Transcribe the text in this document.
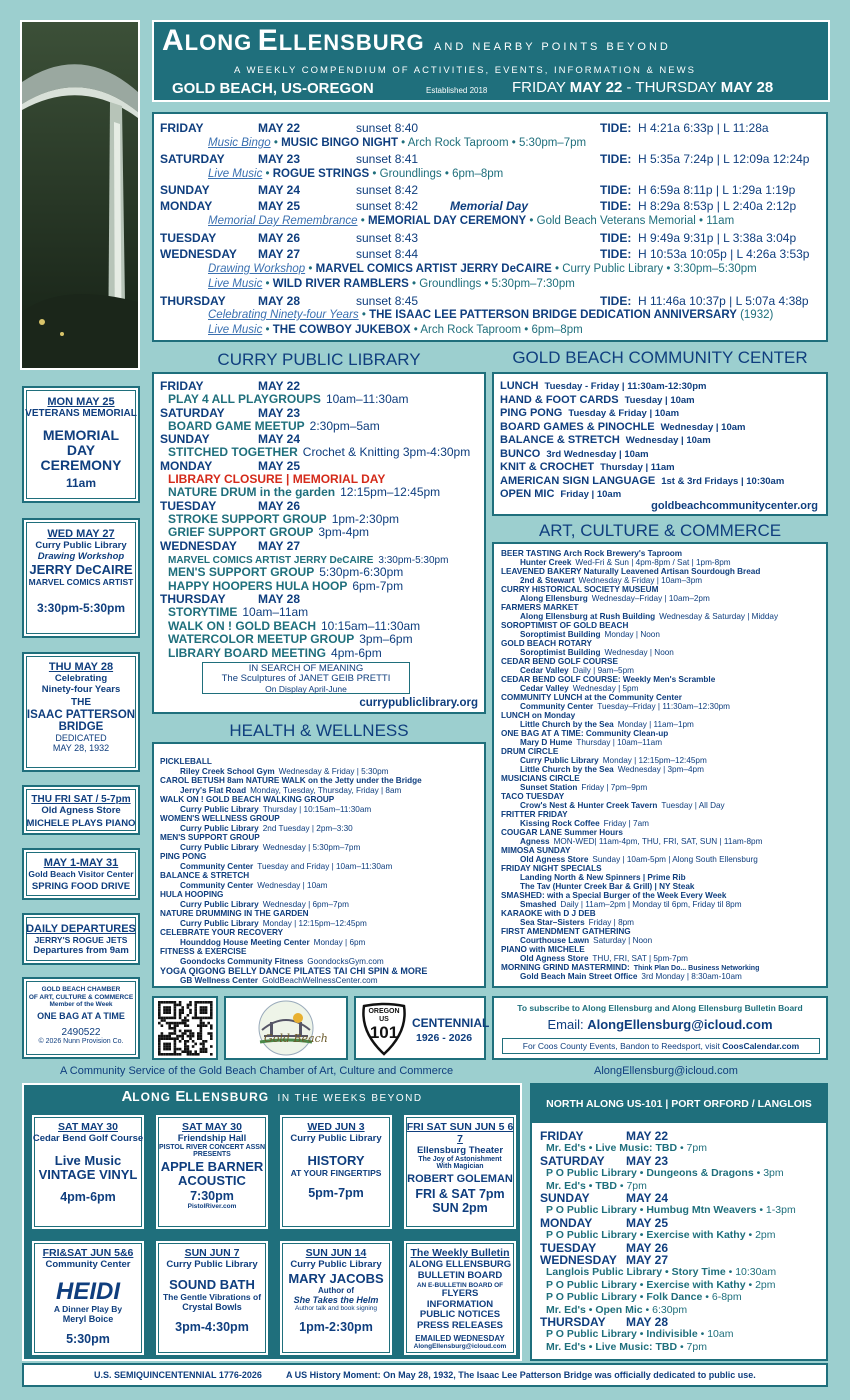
ALONG ELLENSBURG AND NEARBY POINTS BEYOND
A WEEKLY COMPENDIUM OF ACTIVITIES, EVENTS, INFORMATION & NEWS
GOLD BEACH, US-OREGON	Established 2018 FRIDAY MAY 22 - THURSDAY MAY 28
FRIDAY	MAY 22	sunset 8:40	TIDE: H 4:21a 6:33p | L 11:28a
Music Bingo • MUSIC BINGO NIGHT • Arch Rock Taproom • 5:30pm–7pm
SATURDAY	MAY 23	sunset 8:41	TIDE: H 5:35a 7:24p | L 12:09a 12:24p
Live Music • ROGUE STRINGS • Groundlings • 6pm–8pm
SUNDAY	MAY 24	sunset 8:42	TIDE: H 6:59a 8:11p | L 1:29a 1:19p
MONDAY	MAY 25	sunset 8:42	Memorial Day	TIDE: H 8:29a 8:53p | L 2:40a 2:12p
Memorial Day Remembrance • MEMORIAL DAY CEREMONY • Gold Beach Veterans Memorial • 11am
TUESDAY	MAY 26	sunset 8:43	TIDE: H 9:49a 9:31p | L 3:38a 3:04p
WEDNESDAY MAY 27	sunset 8:44	TIDE: H 10:53a 10:05p | L 4:26a 3:53p
Drawing Workshop • MARVEL COMICS ARTIST JERRY DeCAIRE • Curry Public Library • 3:30pm–5:30pm
Live Music • WILD RIVER RAMBLERS • Groundlings • 5:30pm–7:30pm
THURSDAY	MAY 28	sunset 8:45	TIDE: H 11:46a 10:37p | L 5:07a 4:38p
Celebrating Ninety-four Years • THE ISAAC LEE PATTERSON BRIDGE DEDICATION ANNIVERSARY (1932)
Live Music • THE COWBOY JUKEBOX • Arch Rock Taproom • 6pm–8pm
CURRY PUBLIC LIBRARY	GOLD BEACH COMMUNITY CENTER
ART, CULTURE & COMMERCE
HEALTH & WELLNESS
MON MAY 25
VETERANS MEMORIAL
MEMORIAL
DAY
CEREMONY
11am
WED MAY 27
Curry Public Library
Drawing Workshop
JERRY DeCAIRE
MARVEL COMICS ARTIST
3:30pm-5:30pm
THU MAY 28
Celebrating
Ninety-four Years
THE
ISAAC PATTERSON
BRIDGE
DEDICATED
MAY 28, 1932
THU FRI SAT / 5-7pm
Old Agness Store
MICHELE PLAYS PIANO
MAY 1-MAY 31
Gold Beach Visitor Center
SPRING FOOD DRIVE
DAILY DEPARTURES
JERRY'S ROGUE JETS
Departures from 9am
GOLD BEACH CHAMBER
OF ART, CULTURE & COMMERCE
Member of the Week
ONE BAG AT A TIME
2490522
© 2026 Nunn Provision Co.
FRIDAY	MAY 22
PLAY 4 ALL PLAYGROUPS 10am–11:30am
SATURDAY	MAY 23
BOARD GAME MEETUP 2:30pm–5am
SUNDAY	MAY 24
STITCHED TOGETHER Crochet & Knitting 3pm-4:30pm
MONDAY	MAY 25
LIBRARY CLOSURE | MEMORIAL DAY
NATURE DRUM in the garden 12:15pm–12:45pm
TUESDAY	MAY 26
STROKE SUPPORT GROUP 1pm-2:30pm
GRIEF SUPPORT GROUP 3pm-4pm
WEDNESDAY MAY 27
MARVEL COMICS ARTIST JERRY DeCAIRE 3:30pm-5:30pm
MEN'S SUPPORT GROUP 5:30pm-6:30pm
HAPPY HOOPERS HULA HOOP 6pm-7pm
THURSDAY	MAY 28
STORYTIME 10am–11am
WALK ON ! GOLD BEACH 10:15am–11:30am
WATERCOLOR MEETUP GROUP 3pm–6pm
LIBRARY BOARD MEETING 4pm-6pm
IN SEARCH OF MEANING
The Sculptures of JANET GEIB PRETTI
On Display April-June
currypubliclibrary.org
LUNCH Tuesday - Friday | 11:30am-12:30pm
HAND & FOOT CARDS Tuesday | 10am
PING PONG Tuesday & Friday | 10am
BOARD GAMES & PINOCHLE Wednesday | 10am
BALANCE & STRETCH Wednesday | 10am
BUNCO 3rd Wednesday | 10am
KNIT & CROCHET Thursday | 11am
AMERICAN SIGN LANGUAGE 1st & 3rd Fridays | 10:30am
OPEN MIC Friday | 10am
goldbeachcommunitycenter.org
BEER TASTING Arch Rock Brewery's Taproom
Hunter Creek Wed-Fri & Sun | 4pm-8pm / Sat | 1pm-8pm
LEAVENED BAKERY Naturally Leavened Artisan Sourdough Bread
2nd & Stewart Wednesday & Friday | 10am–3pm
CURRY HISTORICAL SOCIETY MUSEUM
Along Ellensburg Wednesday–Friday | 10am–2pm
FARMERS MARKET
Along Ellensburg at Rush Building Wednesday & Saturday | Midday
SOROPTIMIST OF GOLD BEACH
Soroptimist Building Monday | Noon
GOLD BEACH ROTARY
Soroptimist Building Wednesday | Noon
CEDAR BEND GOLF COURSE
Cedar Valley Daily | 9am–5pm
CEDAR BEND GOLF COURSE: Weekly Men's Scramble
Cedar Valley Wednesday | 5pm
COMMUNITY LUNCH at the Community Center
Community Center Tuesday–Friday | 11:30am–12:30pm
LUNCH on Monday
Little Church by the Sea Monday | 11am–1pm
ONE BAG AT A TIME: Community Clean-up
Mary D Hume Thursday | 10am–11am
DRUM CIRCLE
Curry Public Library Monday | 12:15pm–12:45pm
Little Church by the Sea Wednesday | 3pm–4pm
MUSICIANS CIRCLE
Sunset Station Friday | 7pm–9pm
TACO TUESDAY
Crow's Nest & Hunter Creek Tavern Tuesday | All Day
FRITTER FRIDAY
Kissing Rock Coffee Friday | 7am
COUGAR LANE Summer Hours
Agness MON-WED| 11am-4pm, THU, FRI, SAT, SUN | 11am-8pm
MIMOSA SUNDAY
Old Agness Store Sunday | 10am-5pm | Along South Ellensburg
FRIDAY NIGHT SPECIALS
Landing North & New Spinners | Prime Rib
The Tav (Hunter Creek Bar & Grill) | NY Steak
SMASHED: with a Special Burger of the Week Every Week
Smashed Daily | 11am–2pm | Monday til 6pm, Friday til 8pm
KARAOKE with D J DEB
Sea Star–Sisters Friday | 8pm
FIRST AMENDMENT GATHERING
Courthouse Lawn Saturday | Noon
PIANO with MICHELE
Old Agness Store THU, FRI, SAT | 5pm-7pm
MORNING GRIND MASTERMIND: Think Plan Do... Business Networking
Gold Beach Main Street Office 3rd Monday | 8:30am-10am
PICKLEBALL
Riley Creek School Gym Wednesday & Friday | 5:30pm
CAROL BETUSH 8am NATURE WALK on the Jetty under the Bridge
Jerry's Flat Road Monday, Tuesday, Thursday, Friday | 8am
WALK ON ! GOLD BEACH WALKING GROUP
Curry Public Library Thursday | 10:15am–11:30am
WOMEN'S WELLNESS GROUP
Curry Public Library 2nd Tuesday | 2pm–3:30
MEN'S SUPPORT GROUP
Curry Public Library Wednesday | 5:30pm–7pm
PING PONG
Community Center Tuesday and Friday | 10am–11:30am
BALANCE & STRETCH
Community Center Wednesday | 10am
HULA HOOPING
Curry Public Library Wednesday | 6pm–7pm
NATURE DRUMMING IN THE GARDEN
Curry Public Library Monday | 12:15pm–12:45pm
CELEBRATE YOUR RECOVERY
Hounddog House Meeting Center Monday | 6pm
FITNESS & EXERCISE
Goondocks Community Fitness GoondocksGym.com
YOGA QIGONG BELLY DANCE PILATES TAI CHI SPIN & MORE
GB Wellness Center GoldBeachWellnessCenter.com
Gold Beach
OREGON
US
101	CENTENNIAL
1926 - 2026
To subscribe to Along Ellensburg and Along Ellensburg Bulletin Board
Email: AlongEllensburg@icloud.com
For Coos County Events, Bandon to Reedsport, visit CoosCalendar.com
A Community Service of the Gold Beach Chamber of Art, Culture and Commerce	AlongEllensburg@icloud.com
ALONG ELLENSBURG IN THE WEEKS BEYOND
SAT MAY 30
Cedar Bend Golf Course
Live Music
VINTAGE VINYL
4pm-6pm
SAT MAY 30
Friendship Hall
PISTOL RIVER CONCERT ASSN
PRESENTS
APPLE BARNER
ACOUSTIC
7:30pm
PistolRiver.com
WED JUN 3
Curry Public Library
HISTORY
AT YOUR FINGERTIPS
5pm-7pm
FRI SAT SUN JUN 5 6 7
Ellensburg Theater
The Joy of Astonishment
With Magician
ROBERT GOLEMAN
FRI & SAT 7pm
SUN 2pm
FRI&SAT JUN 5&6
Community Center
HEIDI
A Dinner Play By
Meryl Boice
5:30pm
SUN JUN 7
Curry Public Library
SOUND BATH
The Gentle Vibrations of
Crystal Bowls
3pm-4:30pm
SUN JUN 14
Curry Public Library
MARY JACOBS
Author of
She Takes the Helm
Author talk and book signing
1pm-2:30pm
The Weekly Bulletin
ALONG ELLENSBURG BULLETIN BOARD
AN E-BULLETIN BOARD OF
FLYERS
INFORMATION
PUBLIC NOTICES
PRESS RELEASES
EMAILED WEDNESDAY
AlongEllensburg@icloud.com
NORTH ALONG US-101 | PORT ORFORD / LANGLOIS
FRIDAY	MAY 22
Mr. Ed's • Live Music: TBD • 7pm
SATURDAY MAY 23
P O Public Library • Dungeons & Dragons • 3pm
Mr. Ed's • TBD • 7pm
SUNDAY	MAY 24
P O Public Library • Humbug Mtn Weavers • 1-3pm
MONDAY	MAY 25
P O Public Library • Exercise with Kathy • 2pm
TUESDAY MAY 26
WEDNESDAY MAY 27
Langlois Public Library • Story Time • 10:30am
P O Public Library • Exercise with Kathy • 2pm
P O Public Library • Folk Dance • 6-8pm
Mr. Ed's • Open Mic • 6:30pm
THURSDAY MAY 28
P O Public Library • Indivisible • 10am
Mr. Ed's • Live Music: TBD • 7pm
U.S. SEMIQUINCENTENNIAL 1776-2026	A US History Moment: On May 28, 1932, The Isaac Lee Patterson Bridge was officially dedicated to public use.
